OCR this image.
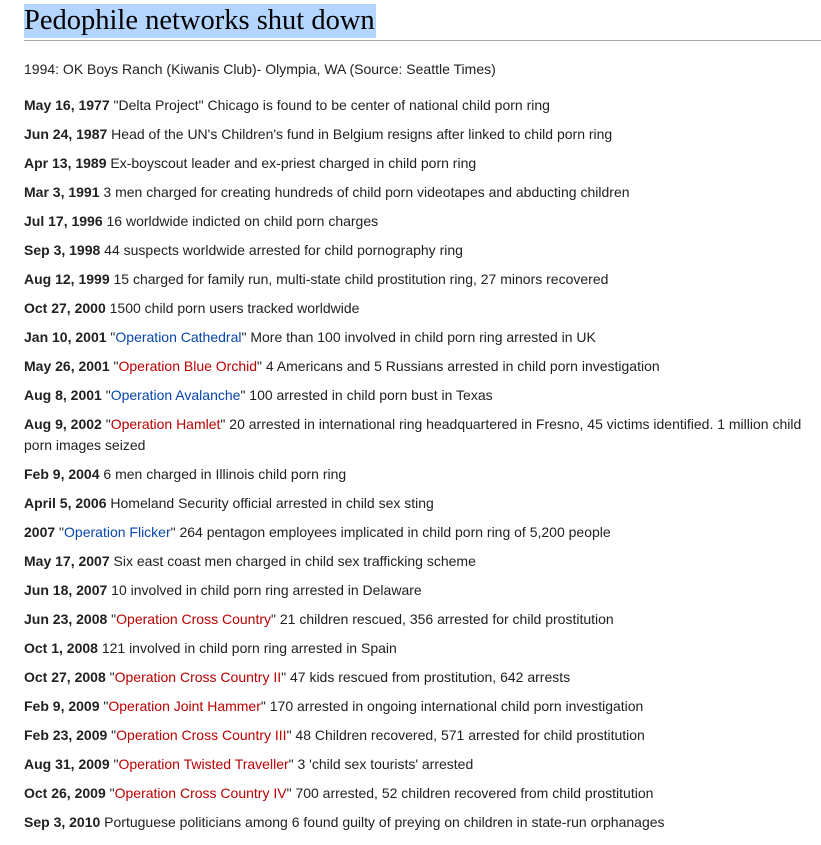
Pedophile networks shut down
1994: OK Boys Ranch (Kiwanis Club)- Olympia, WA (Source: Seattle Times)
May 16, 1977 "Delta Project" Chicago is found to be center of national child porn ring
Jun 24, 1987 Head of the UN's Children's fund in Belgium resigns after linked to child porn ring
Apr 13, 1989 Ex-boyscout leader and ex-priest charged in child porn ring
Mar 3, 1991 3 men charged for creating hundreds of child porn videotapes and abducting children
Jul 17, 1996 16 worldwide indicted on child porn charges
Sep 3, 1998 44 suspects worldwide arrested for child pornography ring
Aug 12, 1999 15 charged for family run, multi-state child prostitution ring, 27 minors recovered
Oct 27, 2000 1500 child porn users tracked worldwide
Jan 10, 2001 "Operation Cathedral" More than 100 involved in child porn ring arrested in UK
May 26, 2001 "Operation Blue Orchid" 4 Americans and 5 Russians arrested in child porn investigation
Aug 8, 2001 "Operation Avalanche" 100 arrested in child porn bust in Texas
Aug 9, 2002 "Operation Hamlet" 20 arrested in international ring headquartered in Fresno, 45 victims identified. 1 million child porn images seized
Feb 9, 2004 6 men charged in Illinois child porn ring
April 5, 2006 Homeland Security official arrested in child sex sting
2007 "Operation Flicker" 264 pentagon employees implicated in child porn ring of 5,200 people
May 17, 2007 Six east coast men charged in child sex trafficking scheme
Jun 18, 2007 10 involved in child porn ring arrested in Delaware
Jun 23, 2008 "Operation Cross Country" 21 children rescued, 356 arrested for child prostitution
Oct 1, 2008 121 involved in child porn ring arrested in Spain
Oct 27, 2008 "Operation Cross Country II" 47 kids rescued from prostitution, 642 arrests
Feb 9, 2009 "Operation Joint Hammer" 170 arrested in ongoing international child porn investigation
Feb 23, 2009 "Operation Cross Country III" 48 Children recovered, 571 arrested for child prostitution
Aug 31, 2009 "Operation Twisted Traveller" 3 'child sex tourists' arrested
Oct 26, 2009 "Operation Cross Country IV" 700 arrested, 52 children recovered from child prostitution
Sep 3, 2010 Portuguese politicians among 6 found guilty of preying on children in state-run orphanages
